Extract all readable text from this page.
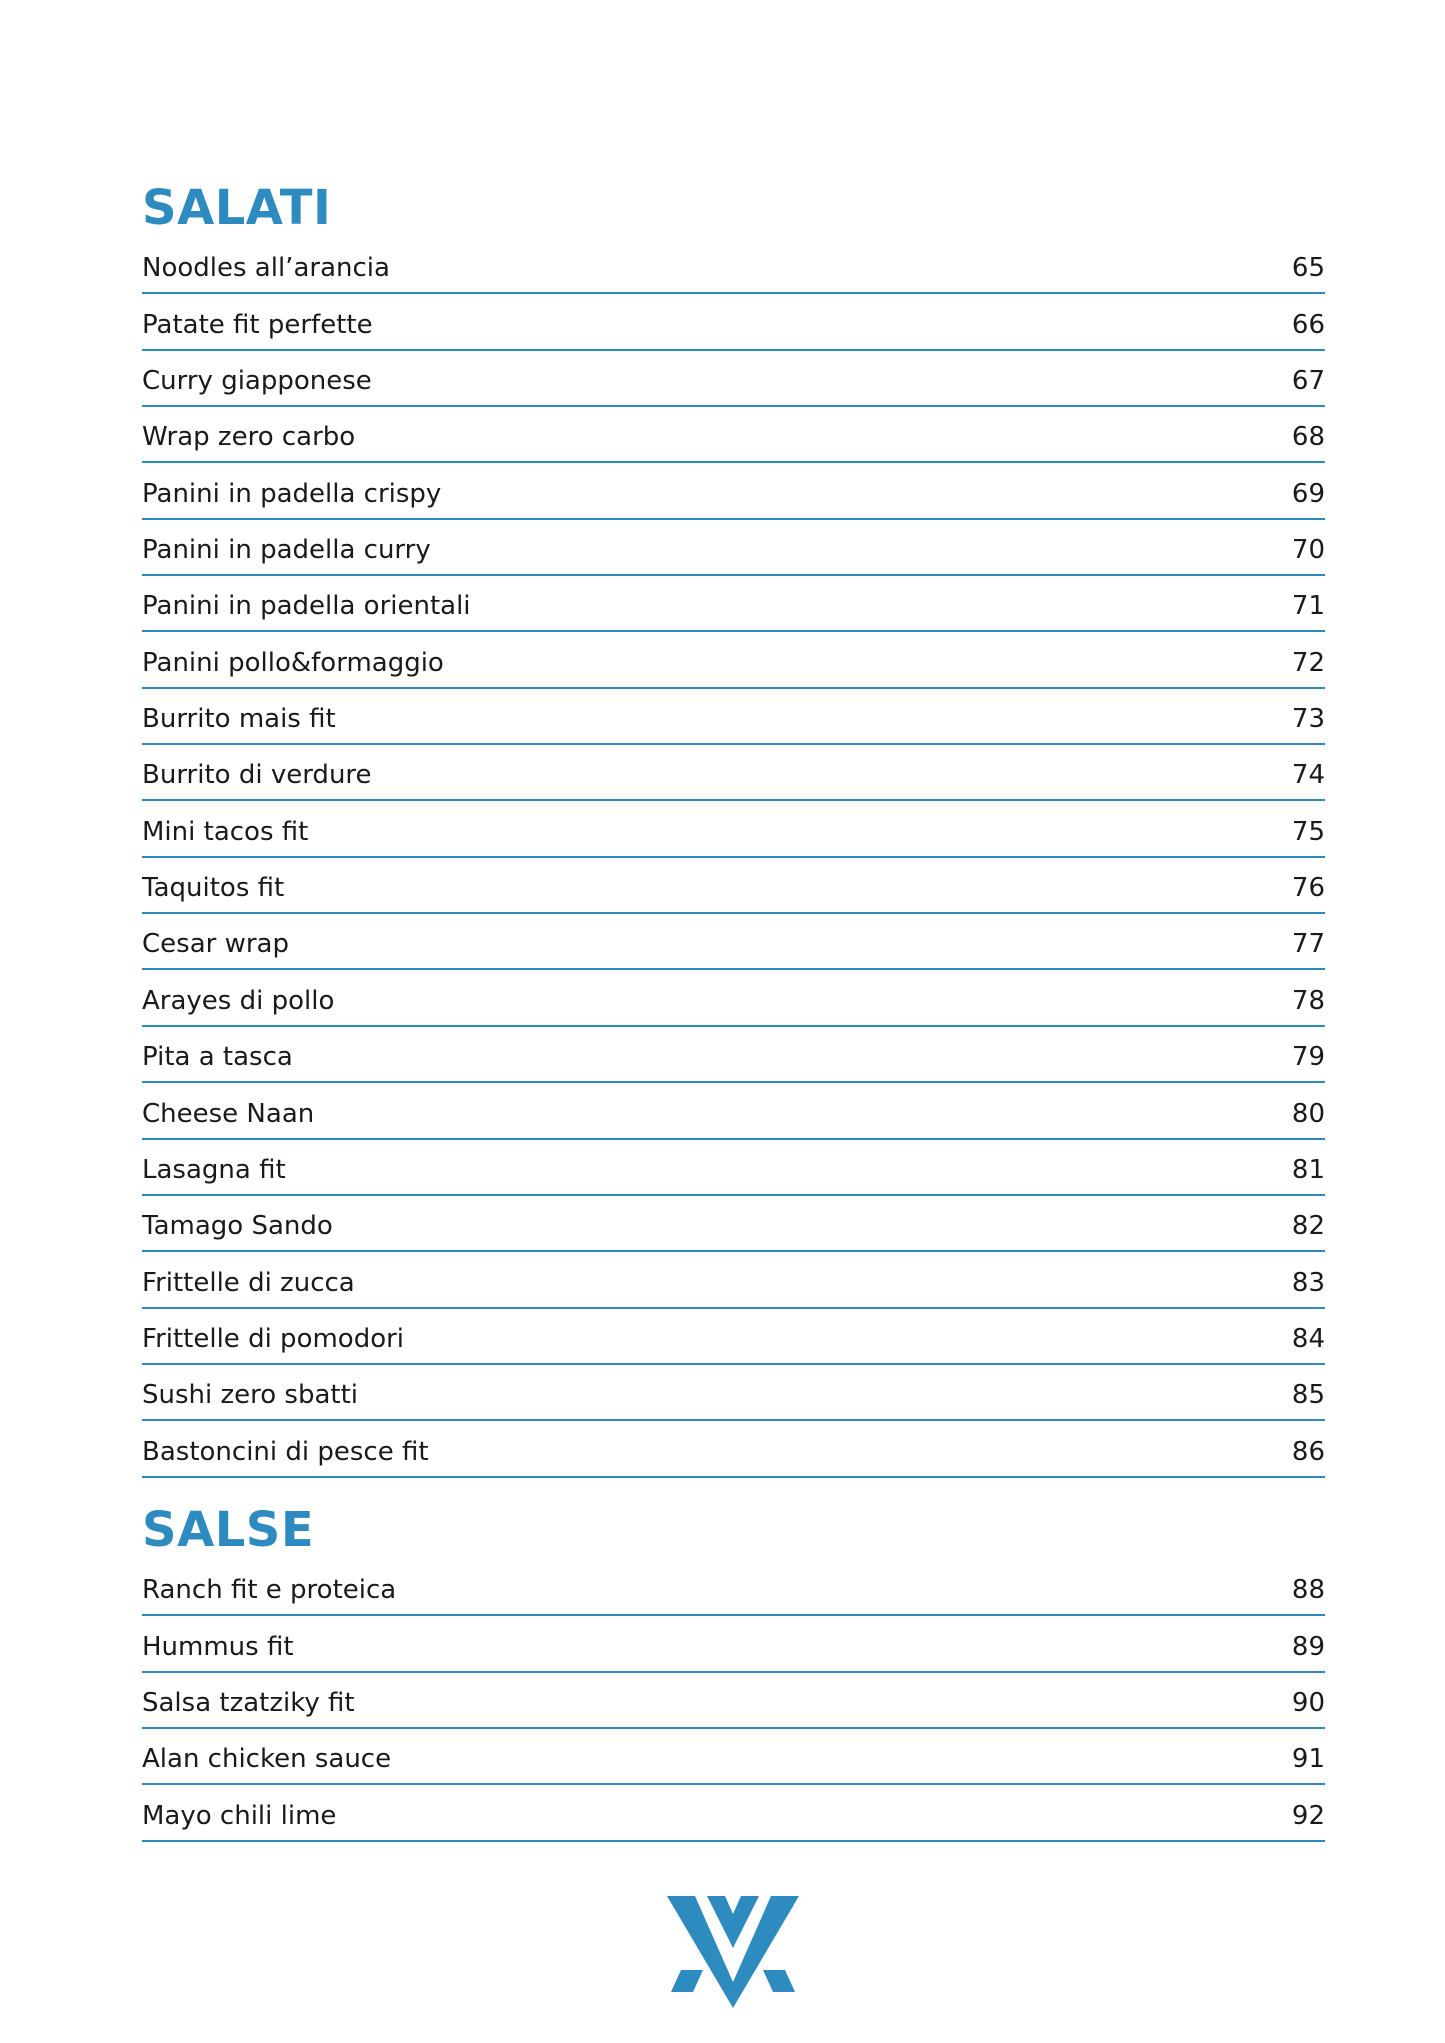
SALATI
Noodles all’arancia	65
Patate fit perfette	66
Curry giapponese	67
Wrap zero carbo	68
Panini in padella crispy	69
Panini in padella curry	70
Panini in padella orientali	71
Panini pollo&formaggio	72
Burrito mais fit	73
Burrito di verdure	74
Mini tacos fit	75
Taquitos fit	76
Cesar wrap	77
Arayes di pollo	78
Pita a tasca	79
Cheese Naan	80
Lasagna fit	81
Tamago Sando	82
Frittelle di zucca	83
Frittelle di pomodori	84
Sushi zero sbatti	85
Bastoncini di pesce fit	86
SALSE
Ranch fit e proteica	88
Hummus fit	89
Salsa tzatziky fit	90
Alan chicken sauce	91
Mayo chili lime	92
